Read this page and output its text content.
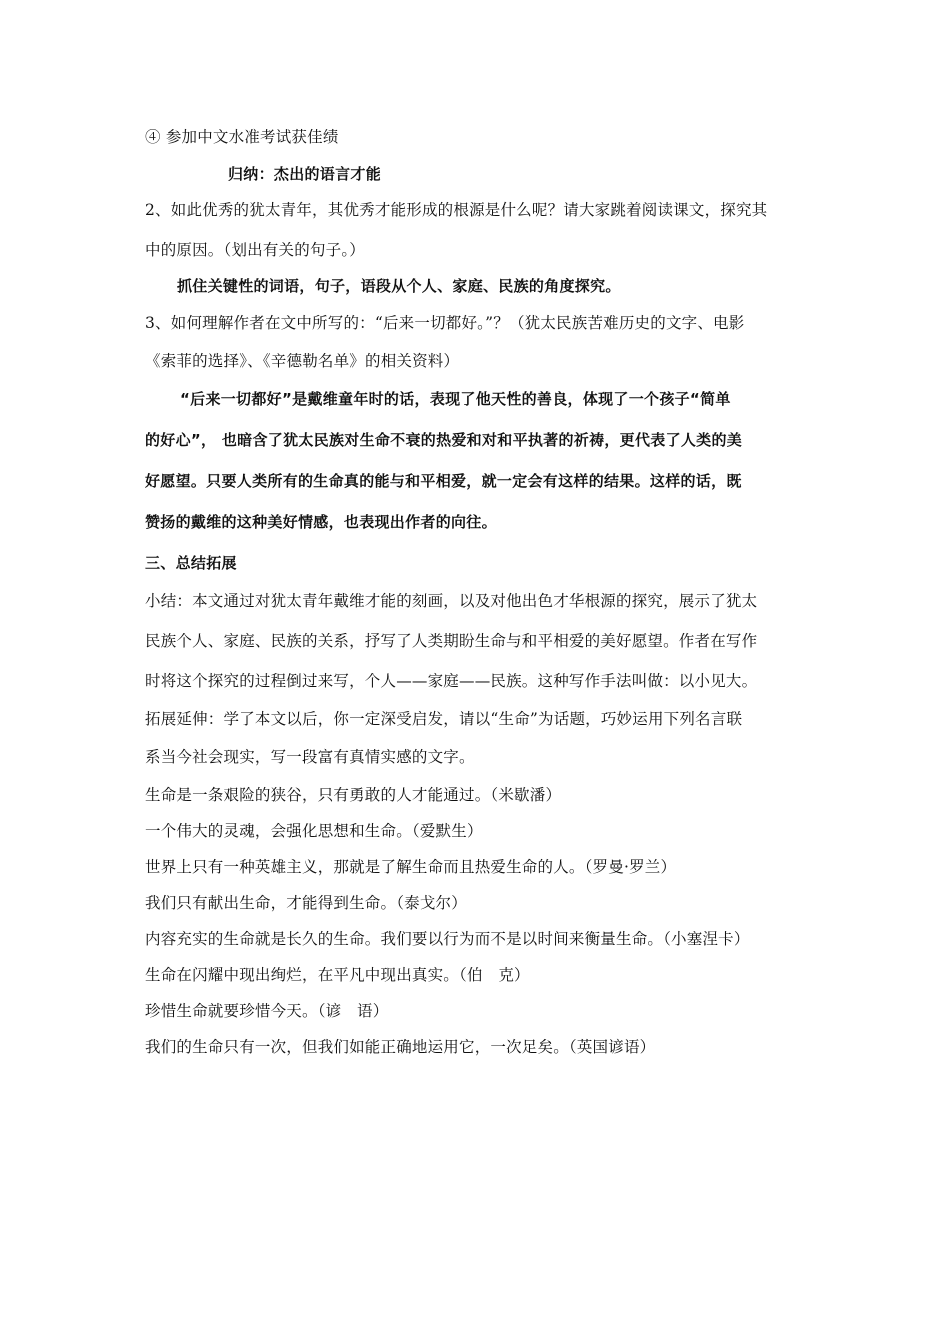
④ 参加中文水准考试获佳绩
归纳：杰出的语言才能
2、如此优秀的犹太青年，其优秀才能形成的根源是什么呢？请大家跳着阅读课文，探究其
中的原因。（划出有关的句子。）
抓住关键性的词语，句子，语段从个人、家庭、民族的角度探究。
3、如何理解作者在文中所写的：“后来一切都好。”？（犹太民族苦难历史的文字、电影
《索菲的选择》、《辛德勒名单》的相关资料）
“后来一切都好”是戴维童年时的话，表现了他天性的善良，体现了一个孩子“简单
的好心”， 也暗含了犹太民族对生命不衰的热爱和对和平执著的祈祷，更代表了人类的美
好愿望。只要人类所有的生命真的能与和平相爱，就一定会有这样的结果。这样的话，既
赞扬的戴维的这种美好情感，也表现出作者的向往。
三、总结拓展
小结：本文通过对犹太青年戴维才能的刻画，以及对他出色才华根源的探究，展示了犹太
民族个人、家庭、民族的关系，抒写了人类期盼生命与和平相爱的美好愿望。作者在写作
时将这个探究的过程倒过来写，个人——家庭——民族。这种写作手法叫做：以小见大。
拓展延伸：学了本文以后，你一定深受启发，请以“生命”为话题，巧妙运用下列名言联
系当今社会现实，写一段富有真情实感的文字。
生命是一条艰险的狭谷，只有勇敢的人才能通过。（米歇潘）
一个伟大的灵魂，会强化思想和生命。（爱默生）
世界上只有一种英雄主义，那就是了解生命而且热爱生命的人。（罗曼·罗兰）
我们只有献出生命，才能得到生命。（泰戈尔）
内容充实的生命就是长久的生命。我们要以行为而不是以时间来衡量生命。（小塞涅卡）
生命在闪耀中现出绚烂，在平凡中现出真实。（伯　克）
珍惜生命就要珍惜今天。（谚　语）
我们的生命只有一次，但我们如能正确地运用它，一次足矣。（英国谚语）
